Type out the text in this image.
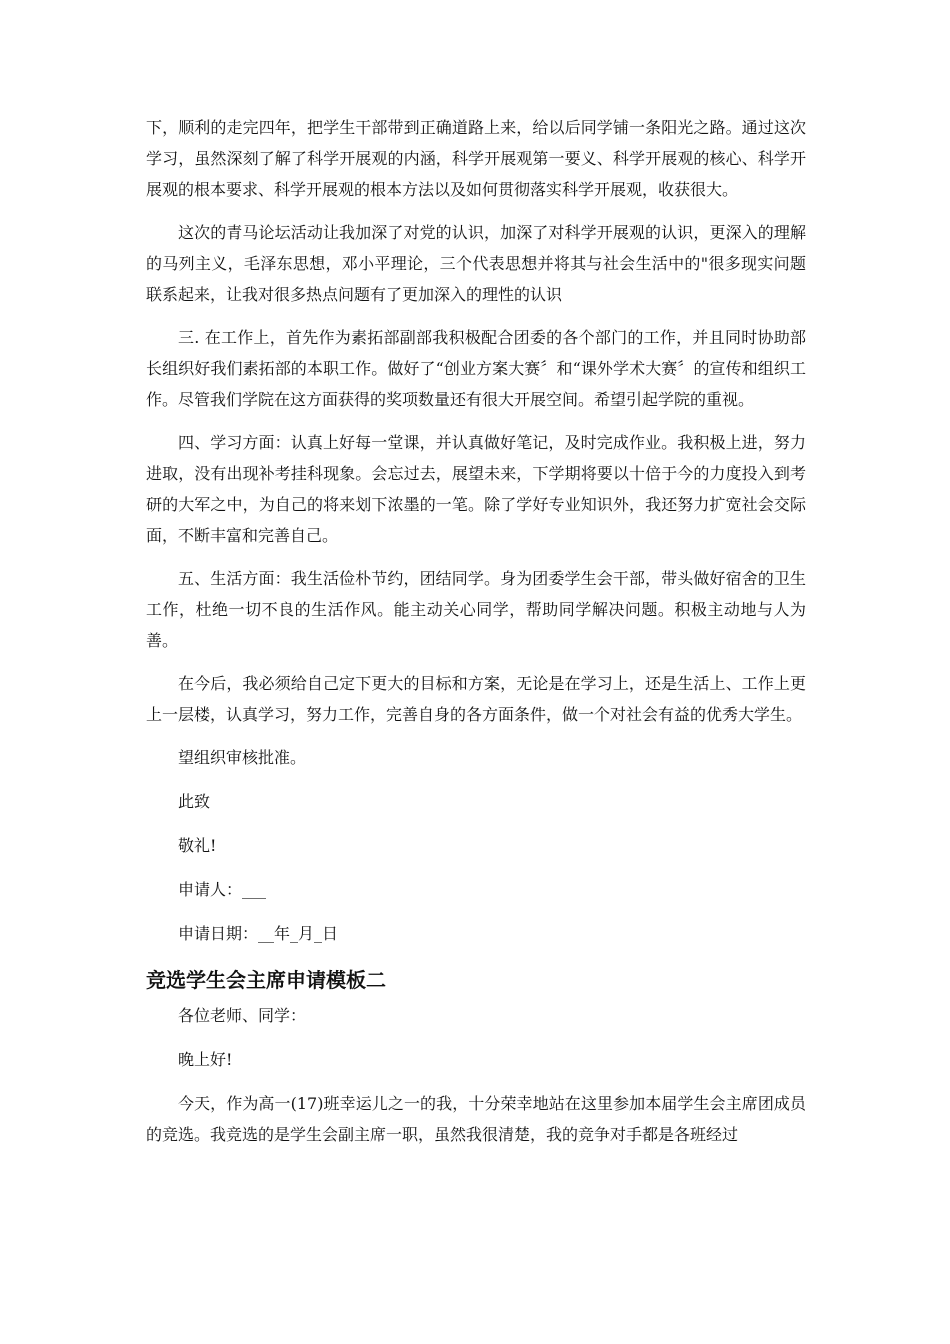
下，顺利的走完四年，把学生干部带到正确道路上来，给以后同学铺一条阳光之路。通过这次学习，虽然深刻了解了科学开展观的内涵，科学开展观第一要义、科学开展观的核心、科学开展观的根本要求、科学开展观的根本方法以及如何贯彻落实科学开展观，收获很大。

这次的青马论坛活动让我加深了对党的认识，加深了对科学开展观的认识，更深入的理解的马列主义，毛泽东思想，邓小平理论，三个代表思想并将其与社会生活中的"很多现实问题联系起来，让我对很多热点问题有了更加深入的理性的认识

三. 在工作上，首先作为素拓部副部我积极配合团委的各个部门的工作，并且同时协助部长组织好我们素拓部的本职工作。做好了“创业方案大赛〞和“课外学术大赛〞的宣传和组织工作。尽管我们学院在这方面获得的奖项数量还有很大开展空间。希望引起学院的重视。

四、学习方面：认真上好每一堂课，并认真做好笔记，及时完成作业。我积极上进，努力进取，没有出现补考挂科现象。会忘过去，展望未来，下学期将要以十倍于今的力度投入到考研的大军之中，为自己的将来划下浓墨的一笔。除了学好专业知识外，我还努力扩宽社会交际面，不断丰富和完善自己。

五、生活方面：我生活俭朴节约，团结同学。身为团委学生会干部，带头做好宿舍的卫生工作，杜绝一切不良的生活作风。能主动关心同学，帮助同学解决问题。积极主动地与人为善。

在今后，我必须给自己定下更大的目标和方案，无论是在学习上，还是生活上、工作上更上一层楼，认真学习，努力工作，完善自身的各方面条件，做一个对社会有益的优秀大学生。

望组织审核批准。

此致

敬礼!

申请人：___

申请日期：__年_月_日

竞选学生会主席申请模板二

各位老师、同学：

晚上好!

今天，作为高一(17)班幸运儿之一的我，十分荣幸地站在这里参加本届学生会主席团成员的竞选。我竞选的是学生会副主席一职，虽然我很清楚，我的竞争对手都是各班经过
